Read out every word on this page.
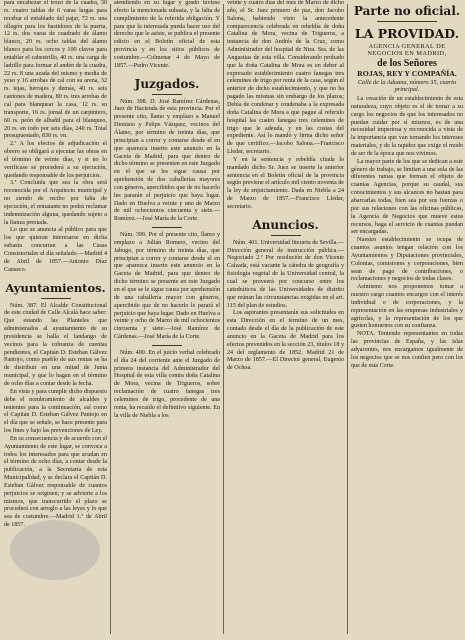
para encabezar el trozo de la cuadra, 30 rs. cuatro tablas de 6 varas largas para recebar el entablado del pajar, 72 rs. una ollagón para los bastidores de la puerta, 12 rs. dos varas de cuadrado de álamo blanco, 20 rs. ocho tablas del álamo blanco para los cercos y 100 clavos para entablar el cabestrillo, 40 rs. una carga de ladrillo para formar el andén de la cuadra, 22 rs. 8 una azada del mismo y media de yeso y 16 arrobas de cal con su arena, 32 rs. tejas, herrajes y demás, 40 rs. seis cantones de madera, 80 rs. tres arrobas de cal para blanquear la casa, 12 rs. su transporte, 16 rs. jornal de un carpintero, 60 rs. peón de albañil para el blanqueo, 20 rs. en todo por seis días, 240 rs. Total presupuestado, 830 rs. vn.

2.ª A los efectos de adjudicación el obrero se obligará a ejecutar las obras en el término de veinte días, y si no lo verificase se procederá a su ejecución, quedando responsable de los perjuicios.

3.ª Concluida que sea la obra será reconocida por el Arquitecto municipal y no siendo de recibo por falta de ejecución, el rematante no podrá reclamar indemnización alguna, quedando sujeto a la fianza prestada.

Lo que se anuncia al público para que los que quieran interesarse en dicha subasta concurran a las Casas Consistoriales el día señalado.—Madrid 4 de Abril de 1857.—Antonio Díaz Canseco.

Ayuntamientos.

Núm. 387. El Alcalde Constitucional de este ciudad de Calle Alcalá hace saber: Que estando las Planteles que administrados al ayuntamiento de su presidencia se halla el fandango de vecinos para la cobranza de cuentas pendientes, el Capitán D. Esteban Gálvez Pantojo, como pueblo de sus rentas se ha de distribuir en una mitad de Junta municipal, y que lo hagan en el término de ocho días a contar desde la fecha.

En vista y para cumplir dicho dispuesto debe el nombramiento de alcaldes y tenientes para la continuación, así como el Capitán D. Esteban Gálvez Pantojo en el día que se señale, se hace presente para los fines y bajo las prevenciones de Ley.

En su consecuencia y de acuerdo con el Ayuntamiento de este lugar, se convoca a todos los interesados para que acudan en el término de ocho días, a contar desde la publicación, a la Secretaría de esta Municipalidad, y se declara el Capitán D. Esteban Gálvez responsable de cuantos perjuicios se originen; y se advierte a los mismos, que transcurrido el plazo se procederá con arreglo a las leyes y lo que sea de costumbre.—Madrid 1.º de Abril de 1857.

atendiendo en su lugar y grado tuviese efecto la mencionada subasta, y la falta de cumplimiento de la referida obligación. Y para que la interesada pueda hacer uso del derecho que le asiste, se publica el presente edicto en el Boletín oficial de esta provincia y en los sitios públicos de costumbre.—Colmenar 4 de Mayo de 1857.—Pedro Vicente.

Juzgados.

Núm. 398. D. José Ramírez Cárdenas, Juez de Hacienda de esta provincia. Por el presente cito, llamo y emplazo a Manuel Dionisio y Felipe Vázquez, vecinos del Álamo, por término de treinta días, que principian a correr y contarse desde el en que aparezca inserto este anuncio en la Gaceta de Madrid, para que dentro de dicho término se presenten en este Juzgado en el que se les sigue causa por aprehensión de dos caballerías mayores con géneros, apercibidos que de no hacerlo les pararán el perjuicio que haya lugar. Dado en Huelva a veinte y uno de Marzo de mil ochocientos cincuenta y siete.—Ramírez.—José María de la Corte.

Núm. 399. Por el presente cito, llamo y emplazo a Julián Romero, vecino del Jabugo, por término de treinta días, que principian a correr y contarse desde el en que aparezca inserto este anuncio en la Gaceta de Madrid, para que dentro de dicho término se presente en este Juzgado en el que se le sigue causa por aprehensión de una caballería mayor con géneros, apercibido que de no hacerlo le parará el perjuicio que haya lugar. Dado en Huelva a veinte y ocho de Marzo de mil ochocientos cincuenta y siete.—José Ramírez de Cárdenas.—José María de la Corte.

Núm. 400. En el juicio verbal celebrado el día 24 del corriente ante el Juzgado de primera instancia del Administrador del Hospital de esta villa contra doña Catalina de Mora, vecina de Trigueros, sobre reclamación de cuatro fanegas tres celemines de trigo, procedente de una renta, ha recaído el definitivo siguiente. En la villa de Niebla a los

veinte y cuatro días del mes de Marzo de dicho año, el Sr. Juez primero de paz, don Jacobo Salona, habiendo visto la antecedente comparecencia celebrada en rebeldía de doña Catalina de Mora, vecina de Trigueros, a instancia de don Andrés de la Cruz, como Administrador del hospital de Ntra. Sra. de las Angustias de esta villa. Considerando probado que la doña Catalina de Mora es en deber al expresado establecimiento cuatro fanegas tres celemines de trigo por renta de la casa, según el anterior de dicho establecimiento, y que no ha pagado las mismas sin embargo de los plazos; Debía de condenar y condenaba a la expresada doña Catalina de Mora a que pague al referido hospital las cuatro fanegas tres celemines de trigo que le adeuda, y en las costas del expediente. Así lo mandó y firma dicho señor de que certifico.—Jacobo Salona.—Francisco Lledar, secretario.

Y en la sentencia y rebeldía citada lo mandado dicho Sr. Juez se inserte la anterior sentencia en el Boletín oficial de la provincia según previene el artículo mil ciento noventa de la ley de enjuiciamiento. Dada en Niebla a 24 de Marzo de 1857.—Francisco Lledar, secretario.

Anuncios.

Núm. 401. Universidad literaria de Sevilla.—Dirección general de instrucción pública.—Negociado 2.º Por resolución de don Vicente Calzada, está vacante la cátedra de geografía y fisiología vegetal de la Universidad central, la cual se proveerá por concurso entre los catedráticos de las Universidades de distrito que reúnan las circunstancias exigidas en el art. 115 del plan de estudios.

Los aspirantes presentarán sus solicitudes en esta Dirección en el término de un mes, contado desde el día de la publicación de este anuncio en la Gaceta de Madrid para los efectos prevenidos en la sección 23, títulos 18 y 24 del reglamento de 1852. Madrid 21 de Marzo de 1857.—El Director general, Eugenio de Ochoa.

Parte no oficial.

LA PROVIDAD.

AGENCIA GENERAL DE NEGOCIOS EN MADRID,

de los Señores

ROJAS, REY Y COMPAÑÍA.

Calle de la Aduana, número 35, cuarto principal.

La creación de un establecimiento de esta naturaleza, cuyo objeto es el de tomar a su cargo los negocios de que los interesados no puedan cuidar por sí mismos, es de una necesidad imperiosa y reconocida a vista de la importancia que van tomando los intereses materiales, y de la rapidez que exige el modo de ser de la época que nos vivimos.

La mayor parte de los que se dedican a este género de trabajo, se limitan a una sola de las diferentes ramas que forman el objeto de cuantas Agencias, porque su caudal, sus conocimientos y sus alcances no bastan para abarcarlas todas, bien sea por sus fuerzas o por sus relaciones con las oficinas públicas, la Agencia de Negocios que mueve estos recursos, haga el servicio de cuantas puedan ser encargadas.

Nuestro establecimiento se ocupa de cuantos asuntos tengan relación con los Ayuntamientos y Diputaciones provinciales, Colonias, comisiones y corporaciones, bien sean de pago de contribuciones, o reclamaciones y negocios de todas clases.

Asimismo nos proponemos tomar a nuestro cargo cuantos encargos con el interés individual o de corporaciones, y la representación en las empresas industriales y agrícolas, y la representación de los que gusten honrarnos con su confianza.

NOTA. Teniendo representantes en todas las provincias de España, y las islas adyacentes, nos encargamos igualmente de los negocios que se nos confíen pero con los que de esta Corte.
